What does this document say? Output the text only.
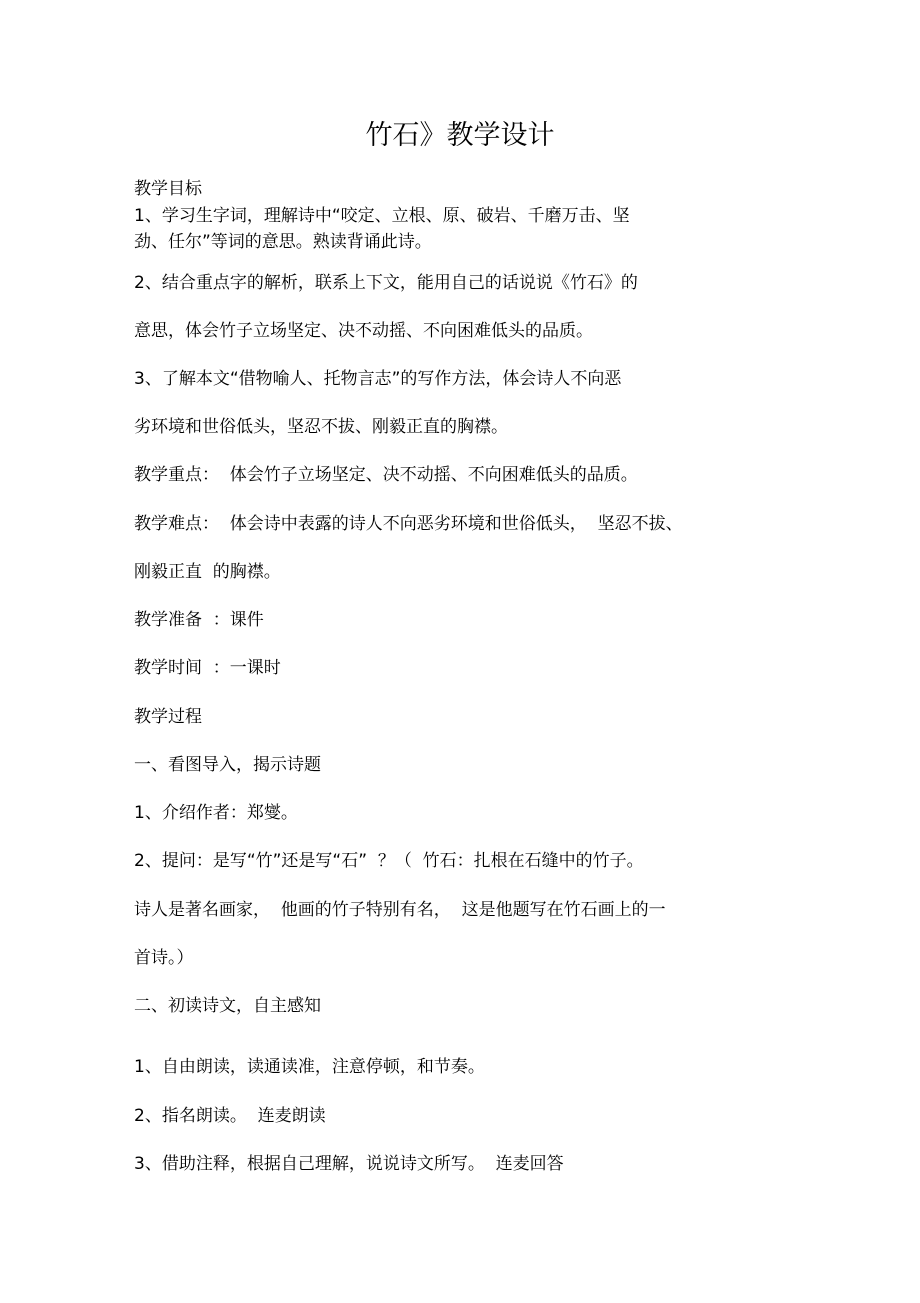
竹石》教学设计
教学目标
1、学习生字词，理解诗中“咬定、立根、原、破岩、千磨万击、坚
劲、任尔”等词的意思。熟读背诵此诗。
2、结合重点字的解析，联系上下文，能用自己的话说说《竹石》的
意思，体会竹子立场坚定、决不动摇、不向困难低头的品质。
3、了解本文“借物喻人、托物言志”的写作方法，体会诗人不向恶
劣环境和世俗低头，坚忍不拔、刚毅正直的胸襟。
教学重点：  体会竹子立场坚定、决不动摇、不向困难低头的品质。
教学难点：  体会诗中表露的诗人不向恶劣环境和世俗低头，  坚忍不拔、
刚毅正直  的胸襟。
教学准备  ：课件
教学时间  ：一课时
教学过程
一、看图导入，揭示诗题
1、介绍作者：郑燮。
2、提问：是写“竹”还是写“石”  ？（  竹石：扎根在石缝中的竹子。
诗人是著名画家，  他画的竹子特别有名，  这是他题写在竹石画上的一
首诗。）
二、初读诗文，自主感知
1、自由朗读，读通读准，注意停顿，和节奏。
2、指名朗读。  连麦朗读
3、借助注释，根据自己理解，说说诗文所写。  连麦回答
